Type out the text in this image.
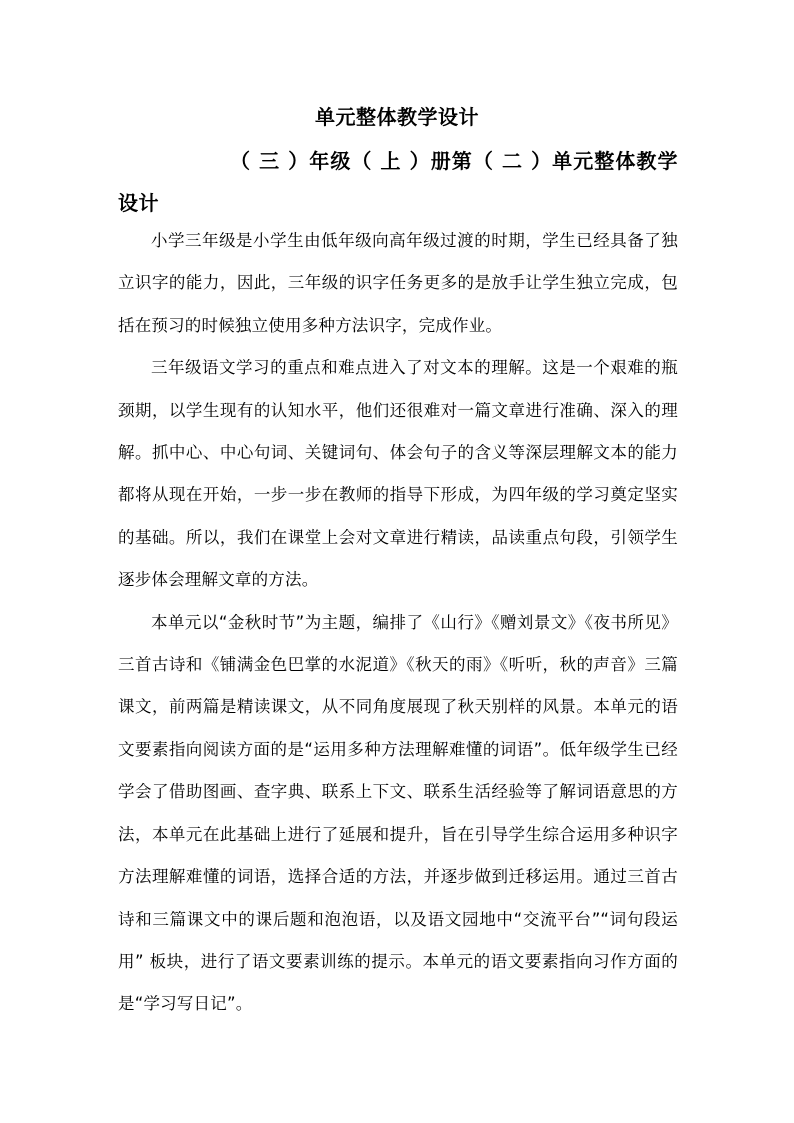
单元整体教学设计
（ 三 ）年级（ 上 ）册第（ 二 ）单元整体教学设计

小学三年级是小学生由低年级向高年级过渡的时期，学生已经具备了独立识字的能力，因此，三年级的识字任务更多的是放手让学生独立完成，包括在预习的时候独立使用多种方法识字，完成作业。

三年级语文学习的重点和难点进入了对文本的理解。这是一个艰难的瓶颈期，以学生现有的认知水平，他们还很难对一篇文章进行准确、深入的理解。抓中心、中心句词、关键词句、体会句子的含义等深层理解文本的能力都将从现在开始，一步一步在教师的指导下形成，为四年级的学习奠定坚实的基础。所以，我们在课堂上会对文章进行精读，品读重点句段，引领学生逐步体会理解文章的方法。

本单元以“金秋时节”为主题，编排了《山行》《赠刘景文》《夜书所见》三首古诗和《铺满金色巴掌的水泥道》《秋天的雨》《听听，秋的声音》三篇课文，前两篇是精读课文，从不同角度展现了秋天别样的风景。本单元的语文要素指向阅读方面的是“运用多种方法理解难懂的词语”。低年级学生已经学会了借助图画、查字典、联系上下文、联系生活经验等了解词语意思的方法，本单元在此基础上进行了延展和提升，旨在引导学生综合运用多种识字方法理解难懂的词语，选择合适的方法，并逐步做到迁移运用。通过三首古诗和三篇课文中的课后题和泡泡语，以及语文园地中“交流平台”“词句段运用” 板块，进行了语文要素训练的提示。本单元的语文要素指向习作方面的是“学习写日记”。
